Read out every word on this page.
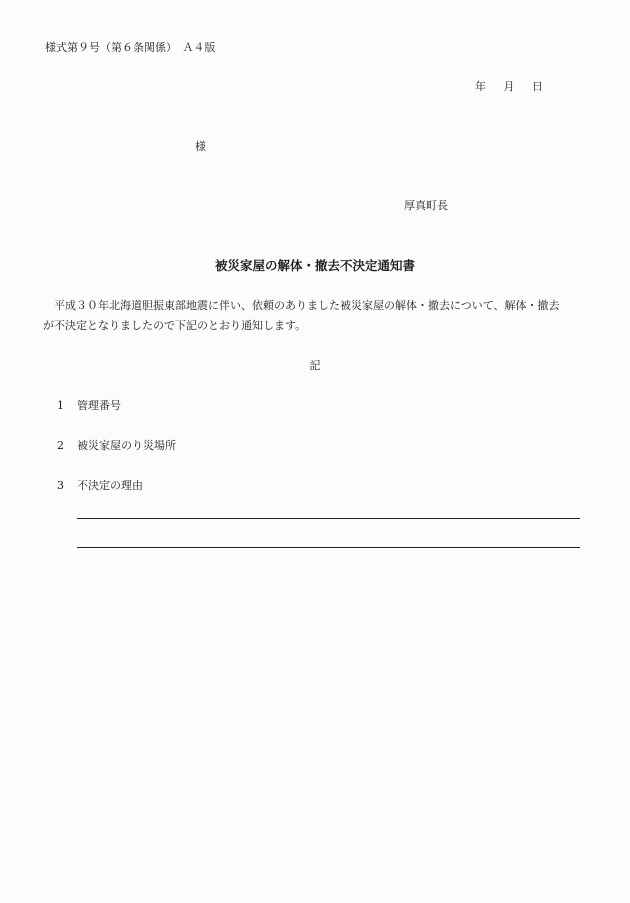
様式第９号（第６条関係）　Ａ４版
年 月 日
様
厚真町長
被災家屋の解体・撤去不決定通知書
平成３０年北海道胆振東部地震に伴い、依頼のありました被災家屋の解体・撤去について、解体・撤去
が不決定となりましたので下記のとおり通知します。
記
1 管理番号
2 被災家屋のり災場所
3 不決定の理由
